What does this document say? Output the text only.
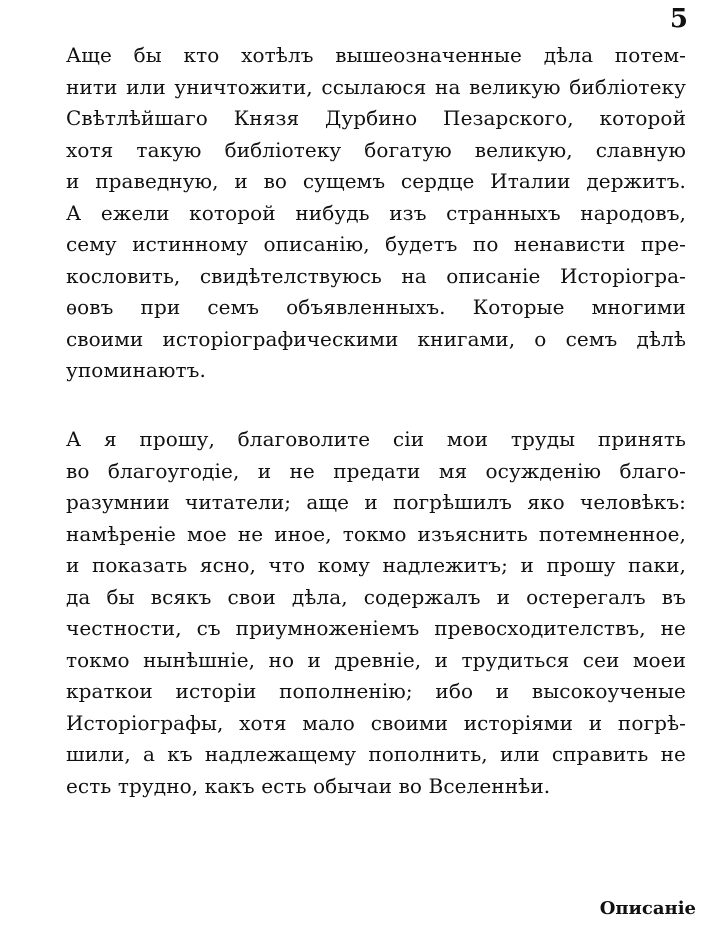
5
Аще бы кто хотѣлъ вышеозначенные дѣла потем-
нити или уничтожити, ссылаюся на великую библіотеку
Свѣтлѣйшаго Князя Дурбино Пезарского, которой
хотя такую библіотеку богатую великую, славную
и праведную, и во сущемъ сердце Италии держитъ.
А ежели которой нибудь изъ странныхъ народовъ,
сему истинному описанію, будетъ по ненависти пре-
кословить, свидѣтелствуюсь на описаніе Исторіогра-
ѳовъ при семъ объявленныхъ. Которые многими
своими исторіографическими книгами, о семъ дѣлѣ
упоминаютъ.
А я прошу, благоволите сіи мои труды принять
во благоугодіе, и не предати мя осужденію благо-
разумнии читатели; аще и погрѣшилъ яко человѣкъ:
намѣреніе мое не иное, токмо изъяснить потемненное,
и показать ясно, что кому надлежитъ; и прошу паки,
да бы всякъ свои дѣла, содержалъ и остерегалъ въ
честности, съ приумноженіемъ превосходителствъ, не
токмо нынѣшніе, но и древніе, и трудиться сеи моеи
краткои исторіи пополненію; ибо и высокоученые
Исторіографы, хотя мало своими исторіями и погрѣ-
шили, а къ надлежащему пополнить, или справить не
есть трудно, какъ есть обычаи во Вселеннѣи.
Описаніе
